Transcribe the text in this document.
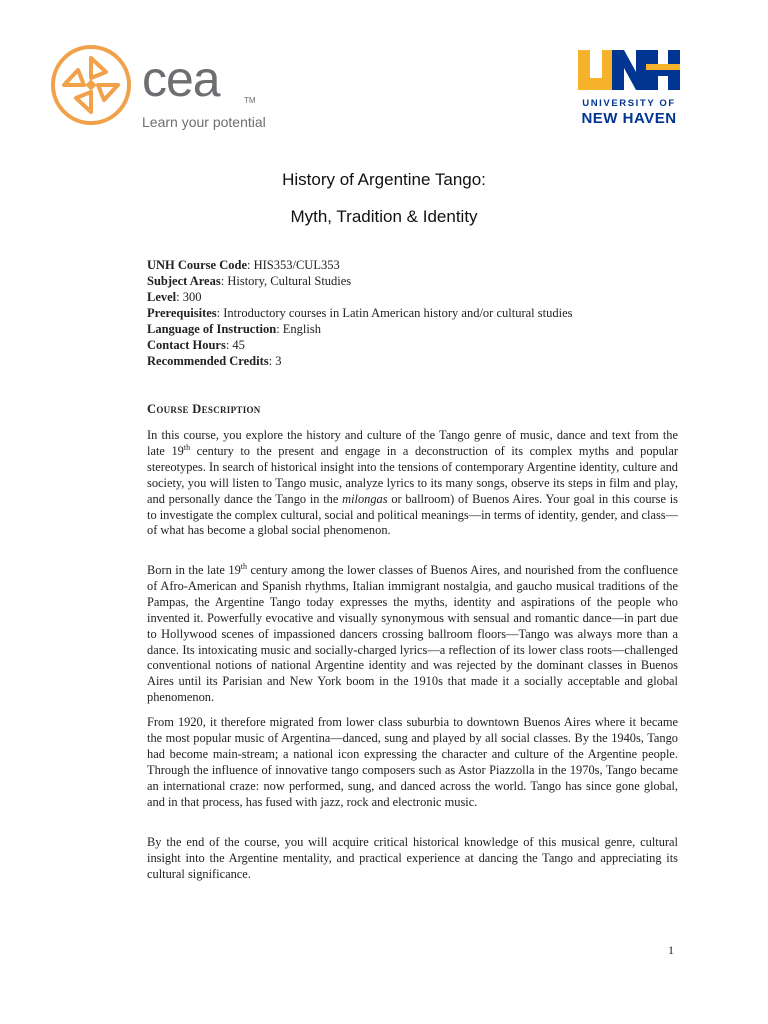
cea	TM
Learn your potential
UNIVERSITY OF
NEW HAVEN
History of Argentine Tango:
Myth, Tradition & Identity
UNH Course Code: HIS353/CUL353
Subject Areas: History, Cultural Studies
Level: 300
Prerequisites: Introductory courses in Latin American history and/or cultural studies
Language of Instruction: English
Contact Hours: 45
Recommended Credits: 3
Course Description

In this course, you explore the history and culture of the Tango genre of music, dance and text from the late 19th century to the present and engage in a deconstruction of its complex myths and popular stereotypes. In search of historical insight into the tensions of contemporary Argentine identity, culture and society, you will listen to Tango music, analyze lyrics to its many songs, observe its steps in film and play, and personally dance the Tango in the milongas or ballroom) of Buenos Aires. Your goal in this course is to investigate the complex cultural, social and political meanings—in terms of identity, gender, and class—of what has become a global social phenomenon.

Born in the late 19th century among the lower classes of Buenos Aires, and nourished from the confluence of Afro-American and Spanish rhythms, Italian immigrant nostalgia, and gaucho musical traditions of the Pampas, the Argentine Tango today expresses the myths, identity and aspirations of the people who invented it. Powerfully evocative and visually synonymous with sensual and romantic dance—in part due to Hollywood scenes of impassioned dancers crossing ballroom floors—Tango was always more than a dance. Its intoxicating music and socially-charged lyrics—a reflection of its lower class roots—challenged conventional notions of national Argentine identity and was rejected by the dominant classes in Buenos Aires until its Parisian and New York boom in the 1910s that made it a socially acceptable and global phenomenon.

From 1920, it therefore migrated from lower class suburbia to downtown Buenos Aires where it became the most popular music of Argentina—danced, sung and played by all social classes. By the 1940s, Tango had become main-stream; a national icon expressing the character and culture of the Argentine people. Through the influence of innovative tango composers such as Astor Piazzolla in the 1970s, Tango became an international craze: now performed, sung, and danced across the world. Tango has since gone global, and in that process, has fused with jazz, rock and electronic music.

By the end of the course, you will acquire critical historical knowledge of this musical genre, cultural insight into the Argentine mentality, and practical experience at dancing the Tango and appreciating its cultural significance.

1
